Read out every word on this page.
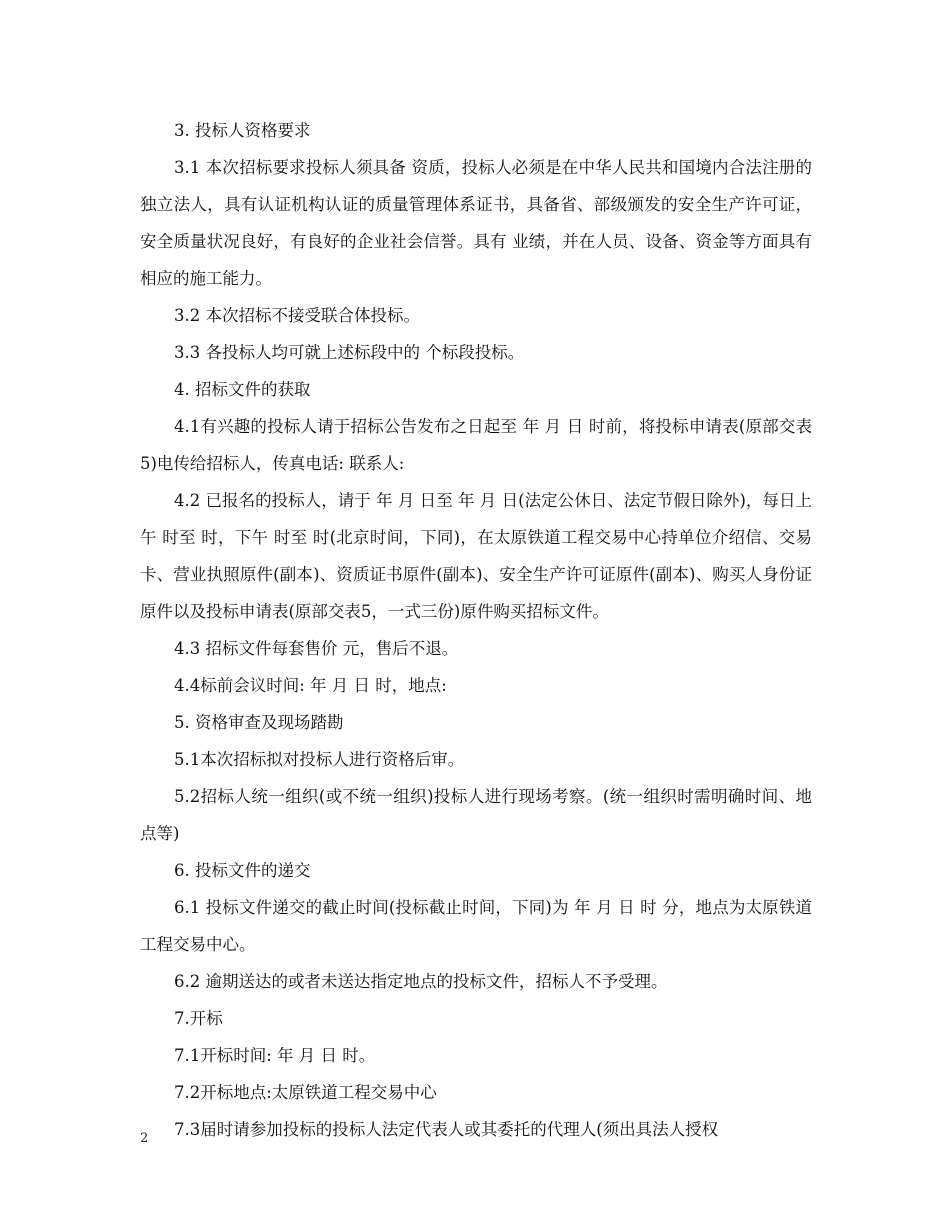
3. 投标人资格要求

3.1 本次招标要求投标人须具备 资质，投标人必须是在中华人民共和国境内合法注册的独立法人，具有认证机构认证的质量管理体系证书，具备省、部级颁发的安全生产许可证，安全质量状况良好，有良好的企业社会信誉。具有 业绩，并在人员、设备、资金等方面具有相应的施工能力。

3.2 本次招标不接受联合体投标。

3.3 各投标人均可就上述标段中的 个标段投标。

4. 招标文件的获取

4.1有兴趣的投标人请于招标公告发布之日起至 年 月 日 时前，将投标申请表(原部交表5)电传给招标人，传真电话: 联系人:

4.2 已报名的投标人，请于 年 月 日至 年 月 日(法定公休日、法定节假日除外)，每日上午 时至 时，下午 时至 时(北京时间，下同)，在太原铁道工程交易中心持单位介绍信、交易卡、营业执照原件(副本)、资质证书原件(副本)、安全生产许可证原件(副本)、购买人身份证原件以及投标申请表(原部交表5，一式三份)原件购买招标文件。

4.3 招标文件每套售价 元，售后不退。

4.4标前会议时间: 年 月 日 时，地点:

5. 资格审查及现场踏勘

5.1本次招标拟对投标人进行资格后审。

5.2招标人统一组织(或不统一组织)投标人进行现场考察。(统一组织时需明确时间、地点等)

6. 投标文件的递交

6.1 投标文件递交的截止时间(投标截止时间，下同)为 年 月 日 时 分，地点为太原铁道工程交易中心。

6.2 逾期送达的或者未送达指定地点的投标文件，招标人不予受理。

7.开标

7.1开标时间: 年 月 日 时。

7.2开标地点:太原铁道工程交易中心

7.3届时请参加投标的投标人法定代表人或其委托的代理人(须出具法人授权

2
